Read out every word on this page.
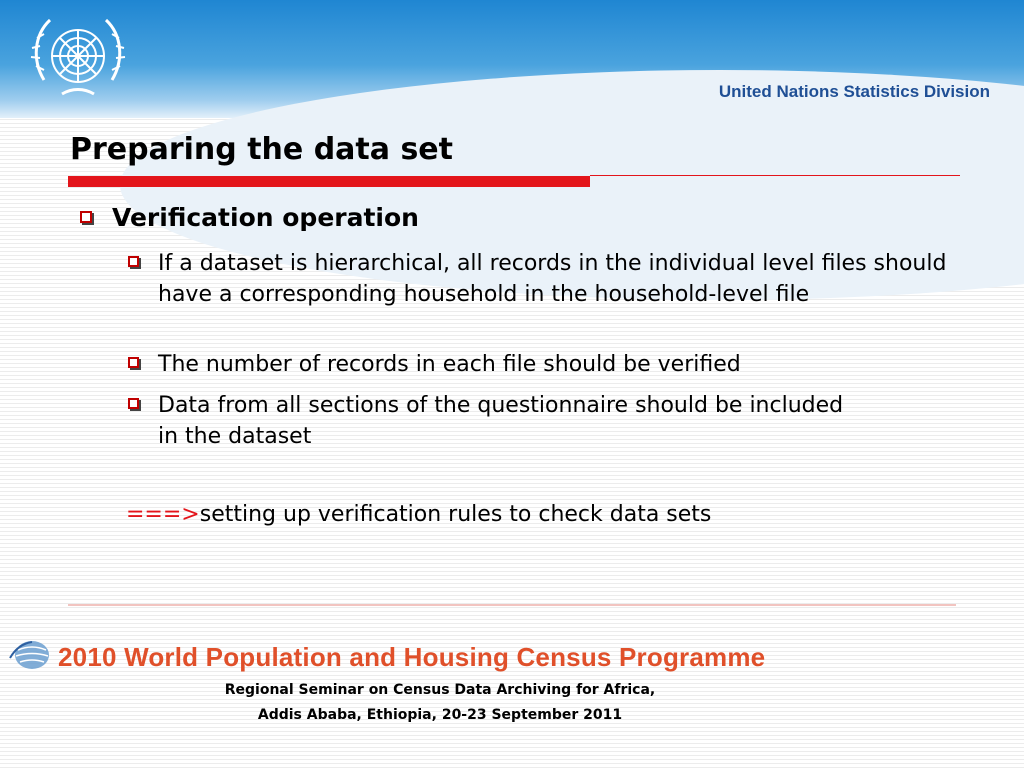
United Nations Statistics Division
Preparing the data set
Verification operation
If a dataset is hierarchical, all records in the individual level files should have a corresponding household in the household-level file
The number of records in each file should be verified
Data from all sections of the questionnaire should be included in the dataset
===>setting up verification rules to check data sets
2010 World Population and Housing Census Programme
Regional Seminar on Census Data Archiving for Africa,
Addis Ababa, Ethiopia, 20-23 September 2011
